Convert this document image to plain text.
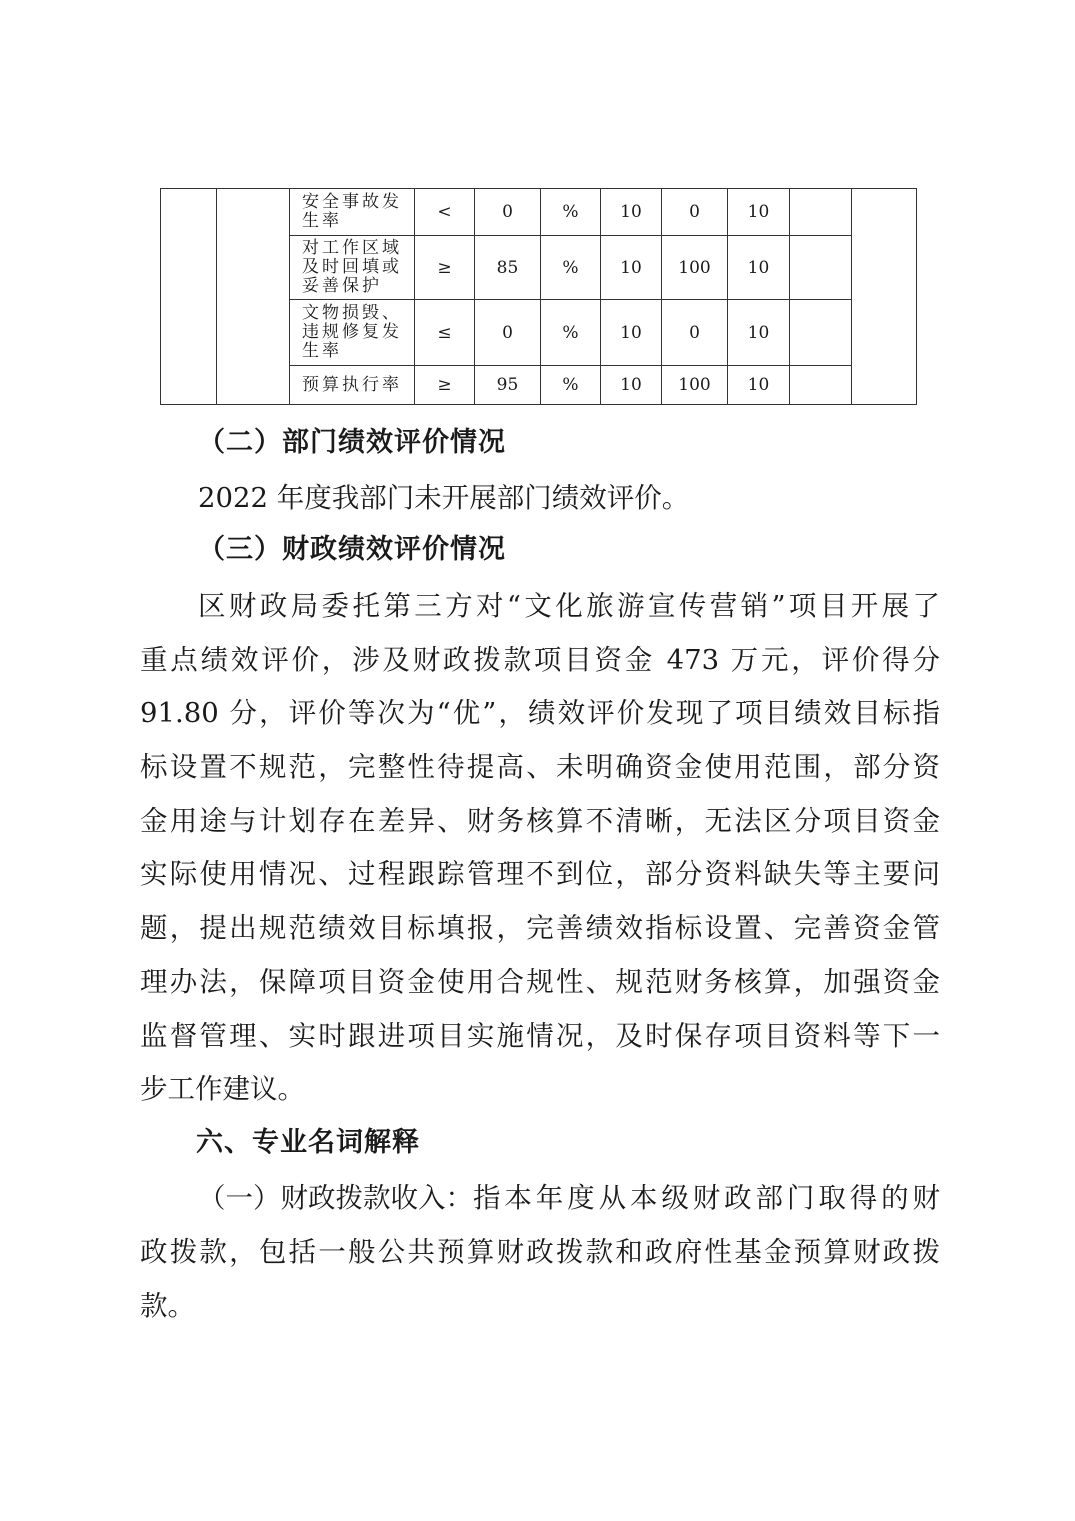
		安全事故发生率	<	0	%	10	0	10		
		对工作区域及时回填或妥善保护	≥	85	%	10	100	10		
		文物损毁、违规修复发生率	≤	0	%	10	0	10		
		预算执行率	≥	95	%	10	100	10		
（二）部门绩效评价情况
2022 年度我部门未开展部门绩效评价。
（三）财政绩效评价情况
区财政局委托第三方对“文化旅游宣传营销”项目开展了
重点绩效评价，涉及财政拨款项目资金 473 万元，评价得分
91.80 分，评价等次为“优”，绩效评价发现了项目绩效目标指
标设置不规范，完整性待提高、未明确资金使用范围，部分资
金用途与计划存在差异、财务核算不清晰，无法区分项目资金
实际使用情况、过程跟踪管理不到位，部分资料缺失等主要问
题，提出规范绩效目标填报，完善绩效指标设置、完善资金管
理办法，保障项目资金使用合规性、规范财务核算，加强资金
监督管理、实时跟进项目实施情况，及时保存项目资料等下一
步工作建议。
六、专业名词解释
（一）财政拨款收入： 指本年度从本级财政部门取得的财
政拨款，包括一般公共预算财政拨款和政府性基金预算财政拨
款。
